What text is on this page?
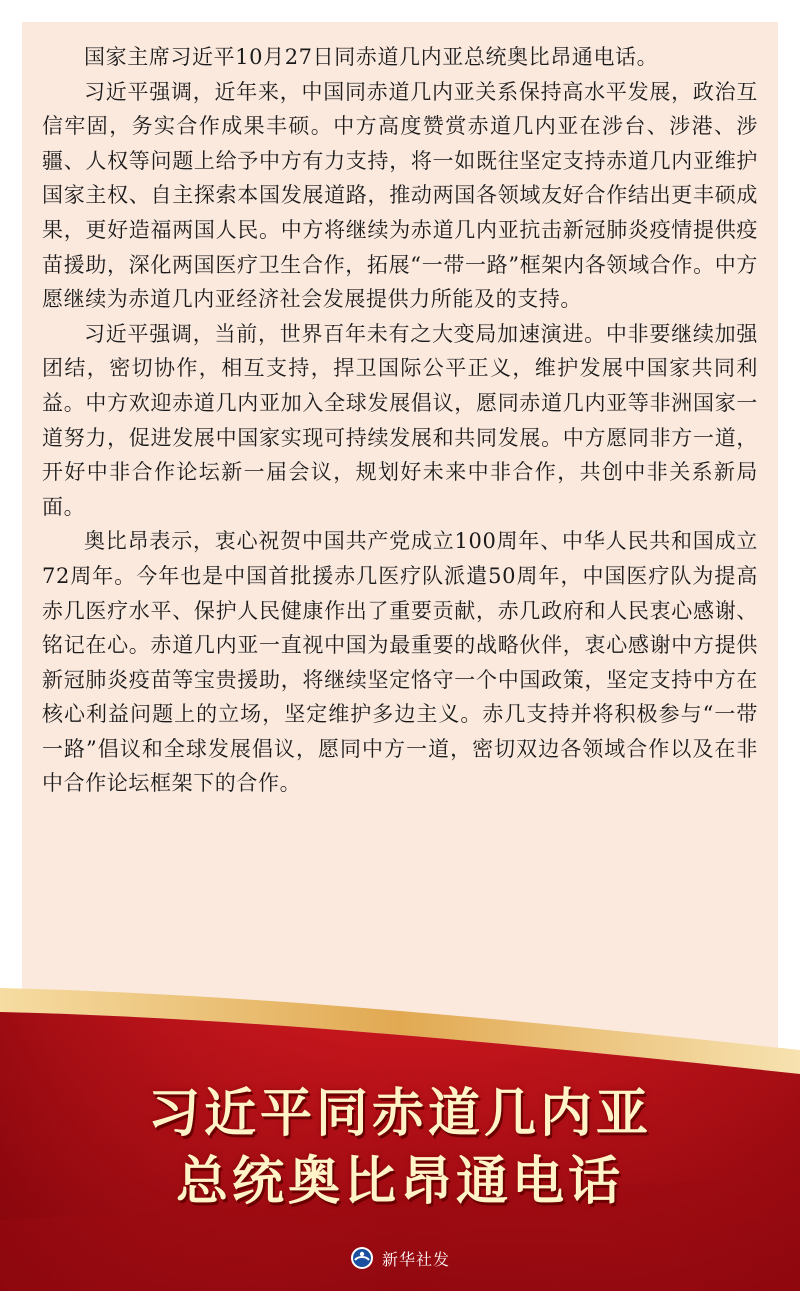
国家主席习近平10月27日同赤道几内亚总统奥比昂通电话。

习近平强调，近年来，中国同赤道几内亚关系保持高水平发展，政治互信牢固，务实合作成果丰硕。中方高度赞赏赤道几内亚在涉台、涉港、涉疆、人权等问题上给予中方有力支持，将一如既往坚定支持赤道几内亚维护国家主权、自主探索本国发展道路，推动两国各领域友好合作结出更丰硕成果，更好造福两国人民。中方将继续为赤道几内亚抗击新冠肺炎疫情提供疫苗援助，深化两国医疗卫生合作，拓展“一带一路”框架内各领域合作。中方愿继续为赤道几内亚经济社会发展提供力所能及的支持。

习近平强调，当前，世界百年未有之大变局加速演进。中非要继续加强团结，密切协作，相互支持，捍卫国际公平正义，维护发展中国家共同利益。中方欢迎赤道几内亚加入全球发展倡议，愿同赤道几内亚等非洲国家一道努力，促进发展中国家实现可持续发展和共同发展。中方愿同非方一道，开好中非合作论坛新一届会议，规划好未来中非合作，共创中非关系新局面。

奥比昂表示，衷心祝贺中国共产党成立100周年、中华人民共和国成立72周年。今年也是中国首批援赤几医疗队派遣50周年，中国医疗队为提高赤几医疗水平、保护人民健康作出了重要贡献，赤几政府和人民衷心感谢、铭记在心。赤道几内亚一直视中国为最重要的战略伙伴，衷心感谢中方提供新冠肺炎疫苗等宝贵援助，将继续坚定恪守一个中国政策，坚定支持中方在核心利益问题上的立场，坚定维护多边主义。赤几支持并将积极参与“一带一路”倡议和全球发展倡议，愿同中方一道，密切双边各领域合作以及在非中合作论坛框架下的合作。

习近平同赤道几内亚
总统奥比昂通电话
新华社发
